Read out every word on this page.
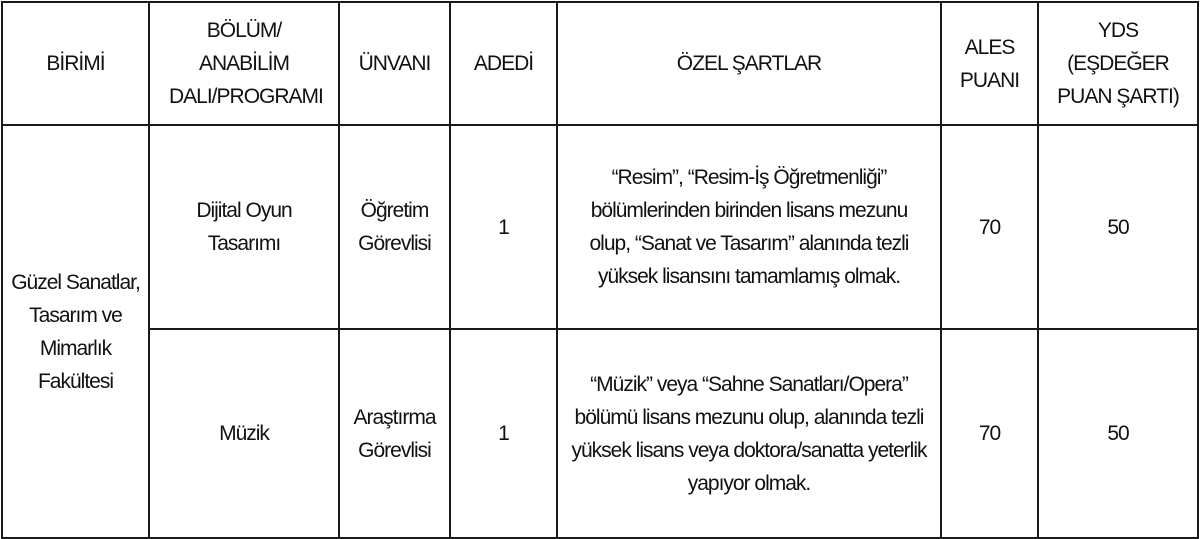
BİRİMİ	BÖLÜM/ ANABİLİM DALI/PROGRAMI	ÜNVANI	ADEDİ	ÖZEL ŞARTLAR	ALES PUANI	YDS (EŞDEĞER PUAN ŞARTI)
Güzel Sanatlar, Tasarım ve Mimarlık Fakültesi	Dijital Oyun Tasarımı	Öğretim Görevlisi	1	“Resim”, “Resim-İş Öğretmenliği” bölümlerinden birinden lisans mezunu olup, “Sanat ve Tasarım” alanında tezli yüksek lisansını tamamlamış olmak.	70	50
	Müzik	Araştırma Görevlisi	1	“Müzik” veya “Sahne Sanatları/Opera” bölümü lisans mezunu olup, alanında tezli yüksek lisans veya doktora/sanatta yeterlik yapıyor olmak.	70	50
